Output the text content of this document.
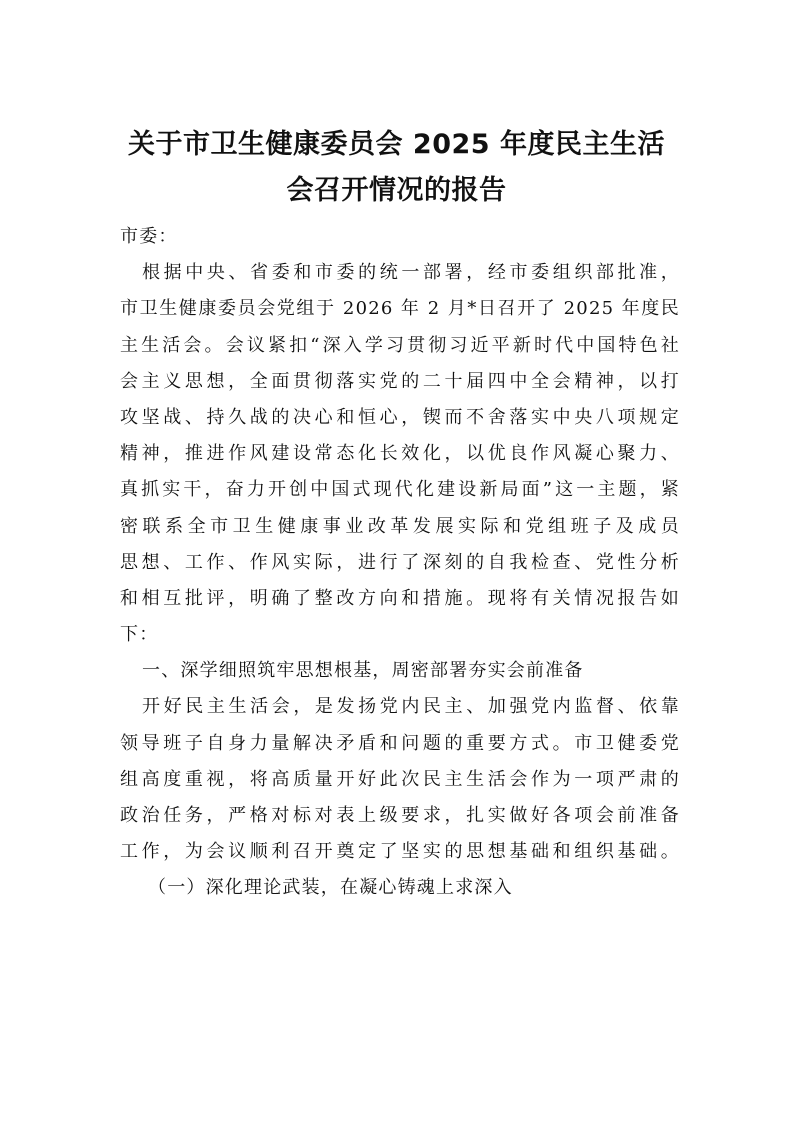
关于市卫生健康委员会 2025 年度民主生活
会召开情况的报告
市委：
根据中央、省委和市委的统一部署，经市委组织部批准，
市卫生健康委员会党组于 2026 年 2 月*日召开了 2025 年度民
主生活会。会议紧扣“深入学习贯彻习近平新时代中国特色社
会主义思想，全面贯彻落实党的二十届四中全会精神，以打
攻坚战、持久战的决心和恒心，锲而不舍落实中央八项规定
精神，推进作风建设常态化长效化，以优良作风凝心聚力、
真抓实干，奋力开创中国式现代化建设新局面”这一主题，紧
密联系全市卫生健康事业改革发展实际和党组班子及成员
思想、工作、作风实际，进行了深刻的自我检查、党性分析
和相互批评，明确了整改方向和措施。现将有关情况报告如
下：
一、深学细照筑牢思想根基，周密部署夯实会前准备
开好民主生活会，是发扬党内民主、加强党内监督、依靠
领导班子自身力量解决矛盾和问题的重要方式。市卫健委党
组高度重视，将高质量开好此次民主生活会作为一项严肃的
政治任务，严格对标对表上级要求，扎实做好各项会前准备
工作，为会议顺利召开奠定了坚实的思想基础和组织基础。
（一）深化理论武装，在凝心铸魂上求深入
